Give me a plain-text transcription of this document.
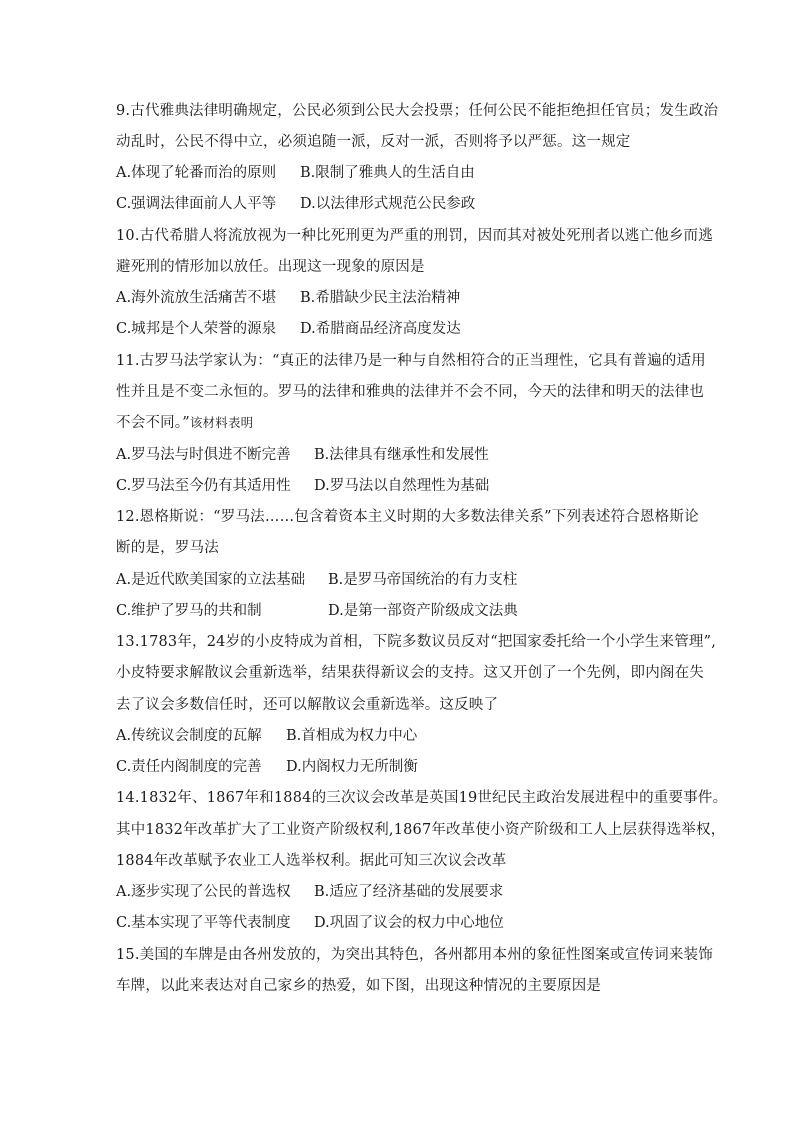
9.古代雅典法律明确规定，公民必须到公民大会投票；任何公民不能拒绝担任官员；发生政治
动乱时，公民不得中立，必须追随一派，反对一派，否则将予以严惩。这一规定
A.体现了轮番而治的原则 B.限制了雅典人的生活自由
C.强调法律面前人人平等 D.以法律形式规范公民参政
10.古代希腊人将流放视为一种比死刑更为严重的刑罚，因而其对被处死刑者以逃亡他乡而逃
避死刑的情形加以放任。出现这一现象的原因是
A.海外流放生活痛苦不堪 B.希腊缺少民主法治精神
C.城邦是个人荣誉的源泉 D.希腊商品经济高度发达
11.古罗马法学家认为：“真正的法律乃是一种与自然相符合的正当理性，它具有普遍的适用
性并且是不变二永恒的。罗马的法律和雅典的法律并不会不同，今天的法律和明天的法律也
不会不同。”该材料表明
A.罗马法与时俱进不断完善 B.法律具有继承性和发展性
C.罗马法至今仍有其适用性 D.罗马法以自然理性为基础
12.恩格斯说：“罗马法……包含着资本主义时期的大多数法律关系”下列表述符合恩格斯论
断的是，罗马法
A.是近代欧美国家的立法基础 B.是罗马帝国统治的有力支柱
C.维护了罗马的共和制	D.是第一部资产阶级成文法典
13.1783年，24岁的小皮特成为首相，下院多数议员反对“把国家委托给一个小学生来管理”,
小皮特要求解散议会重新选举，结果获得新议会的支持。这又开创了一个先例，即内阁在失
去了议会多数信任时，还可以解散议会重新选举。这反映了
A.传统议会制度的瓦解 B.首相成为权力中心
C.责任内阁制度的完善 D.内阁权力无所制衡
14.1832年、1867年和1884的三次议会改革是英国19世纪民主政治发展进程中的重要事件。
其中1832年改革扩大了工业资产阶级权利,1867年改革使小资产阶级和工人上层获得选举权，
1884年改革赋予农业工人选举权利。据此可知三次议会改革
A.逐步实现了公民的普选权 B.适应了经济基础的发展要求
C.基本实现了平等代表制度 D.巩固了议会的权力中心地位
15.美国的车牌是由各州发放的，为突出其特色，各州都用本州的象征性图案或宣传词来装饰
车牌，以此来表达对自己家乡的热爱，如下图，出现这种情况的主要原因是
